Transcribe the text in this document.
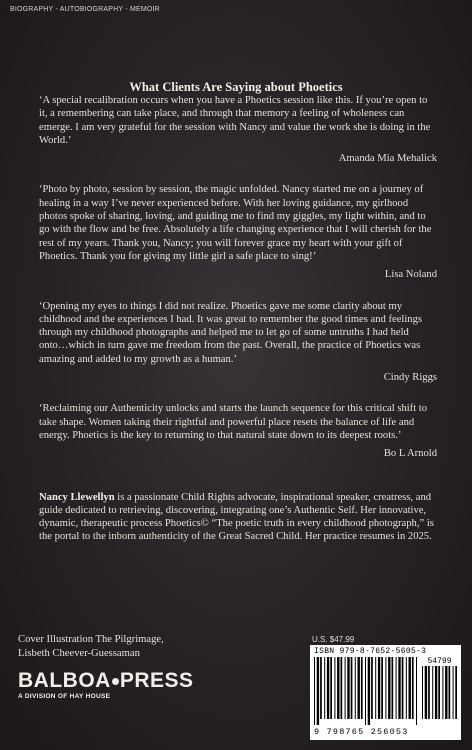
BIOGRAPHY - AUTOBIOGRAPHY - MEMOIR
What Clients Are Saying about Phoetics

‘A special recalibration occurs when you have a Phoetics session like this. If you’re open to it, a remembering can take place, and through that memory a feeling of wholeness can emerge. I am very grateful for the session with Nancy and value the work she is doing in the World.’

Amanda Mia Mehalick

‘Photo by photo, session by session, the magic unfolded. Nancy started me on a journey of healing in a way I’ve never experienced before. With her loving guidance, my girlhood photos spoke of sharing, loving, and guiding me to find my giggles, my light within, and to go with the flow and be free. Absolutely a life changing experience that I will cherish for the rest of my years. Thank you, Nancy; you will forever grace my heart with your gift of Phoetics. Thank you for giving my little girl a safe place to sing!’

Lisa Noland

‘Opening my eyes to things I did not realize. Phoetics gave me some clarity about my childhood and the experiences I had. It was great to remember the good times and feelings through my childhood photographs and helped me to let go of some untruths I had held onto…which in turn gave me freedom from the past. Overall, the practice of Phoetics was amazing and added to my growth as a human.’

Cindy Riggs

‘Reclaiming our Authenticity unlocks and starts the launch sequence for this critical shift to take shape. Women taking their rightful and powerful place resets the balance of life and energy. Phoetics is the key to returning to that natural state down to its deepest roots.’

Bo L Arnold

Nancy Llewellyn is a passionate Child Rights advocate, inspirational speaker, creatress, and guide dedicated to retrieving, discovering, integrating one’s Authentic Self. Her innovative, dynamic, therapeutic process Phoetics© “The poetic truth in every childhood photograph,” is the portal to the inborn authenticity of the Great Sacred Child. Her practice resumes in 2025.

Cover Illustration The Pilgrimage,
Lisbeth Cheever-Guessaman
BALBOA PRESS
A DIVISION OF HAY HOUSE
U.S. $47.99
ISBN 979-8-7652-5605-3
54799
9 798765 256053
